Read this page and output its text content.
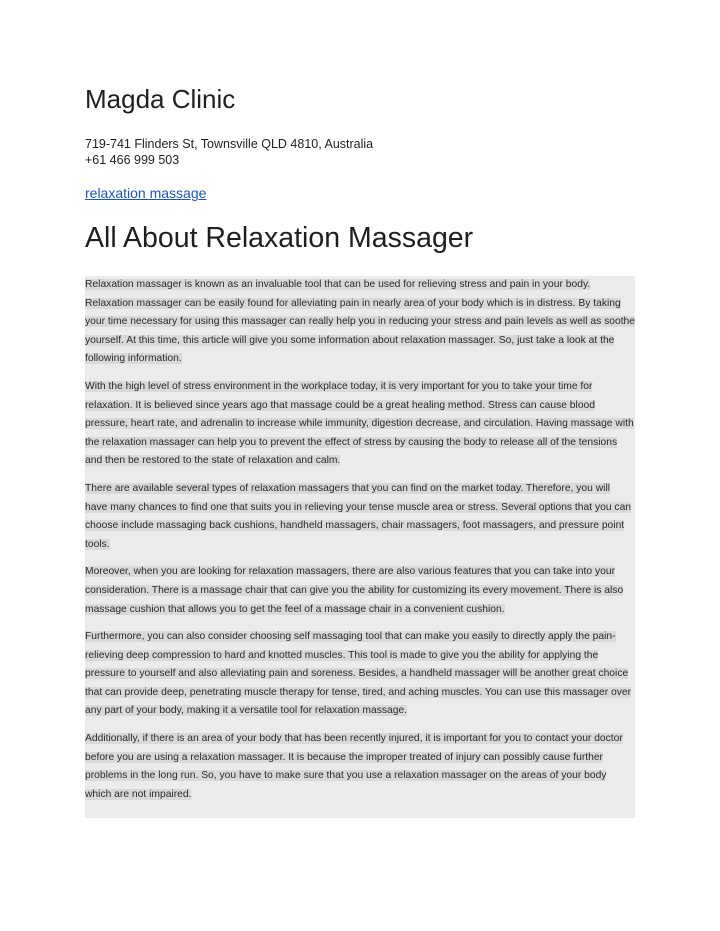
Magda Clinic
719-741 Flinders St, Townsville QLD 4810, Australia
+61 466 999 503
relaxation massage
All About Relaxation Massager

Relaxation massager is known as an invaluable tool that can be used for relieving stress and pain in your body. Relaxation massager can be easily found for alleviating pain in nearly area of your body which is in distress. By taking your time necessary for using this massager can really help you in reducing your stress and pain levels as well as soothe yourself. At this time, this article will give you some information about relaxation massager. So, just take a look at the following information.

With the high level of stress environment in the workplace today, it is very important for you to take your time for relaxation. It is believed since years ago that massage could be a great healing method. Stress can cause blood pressure, heart rate, and adrenalin to increase while immunity, digestion decrease, and circulation. Having massage with the relaxation massager can help you to prevent the effect of stress by causing the body to release all of the tensions and then be restored to the state of relaxation and calm.

There are available several types of relaxation massagers that you can find on the market today. Therefore, you will have many chances to find one that suits you in relieving your tense muscle area or stress. Several options that you can choose include massaging back cushions, handheld massagers, chair massagers, foot massagers, and pressure point tools.

Moreover, when you are looking for relaxation massagers, there are also various features that you can take into your consideration. There is a massage chair that can give you the ability for customizing its every movement. There is also massage cushion that allows you to get the feel of a massage chair in a convenient cushion.

Furthermore, you can also consider choosing self massaging tool that can make you easily to directly apply the pain-relieving deep compression to hard and knotted muscles. This tool is made to give you the ability for applying the pressure to yourself and also alleviating pain and soreness. Besides, a handheld massager will be another great choice that can provide deep, penetrating muscle therapy for tense, tired, and aching muscles. You can use this massager over any part of your body, making it a versatile tool for relaxation massage.

Additionally, if there is an area of your body that has been recently injured, it is important for you to contact your doctor before you are using a relaxation massager. It is because the improper treated of injury can possibly cause further problems in the long run. So, you have to make sure that you use a relaxation massager on the areas of your body which are not impaired.
